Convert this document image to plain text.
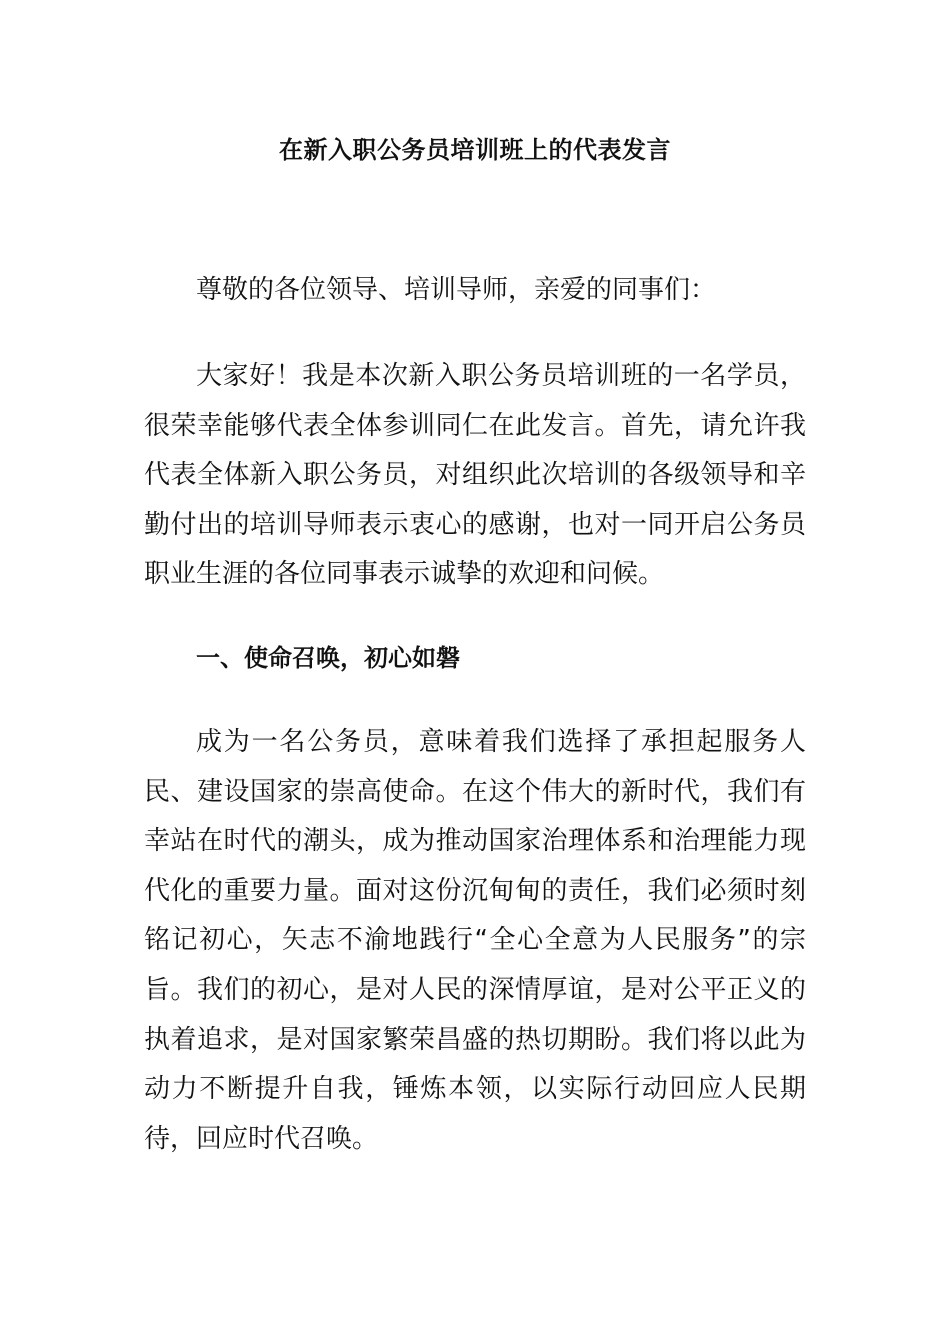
在新入职公务员培训班上的代表发言

尊敬的各位领导、培训导师，亲爱的同事们：

大家好！我是本次新入职公务员培训班的一名学员，很荣幸能够代表全体参训同仁在此发言。首先，请允许我代表全体新入职公务员，对组织此次培训的各级领导和辛勤付出的培训导师表示衷心的感谢，也对一同开启公务员职业生涯的各位同事表示诚挚的欢迎和问候。

一、使命召唤，初心如磐

成为一名公务员，意味着我们选择了承担起服务人民、建设国家的崇高使命。在这个伟大的新时代，我们有幸站在时代的潮头，成为推动国家治理体系和治理能力现代化的重要力量。面对这份沉甸甸的责任，我们必须时刻铭记初心，矢志不渝地践行“全心全意为人民服务”的宗旨。我们的初心，是对人民的深情厚谊，是对公平正义的执着追求，是对国家繁荣昌盛的热切期盼。我们将以此为动力不断提升自我，锤炼本领，以实际行动回应人民期待，回应时代召唤。
